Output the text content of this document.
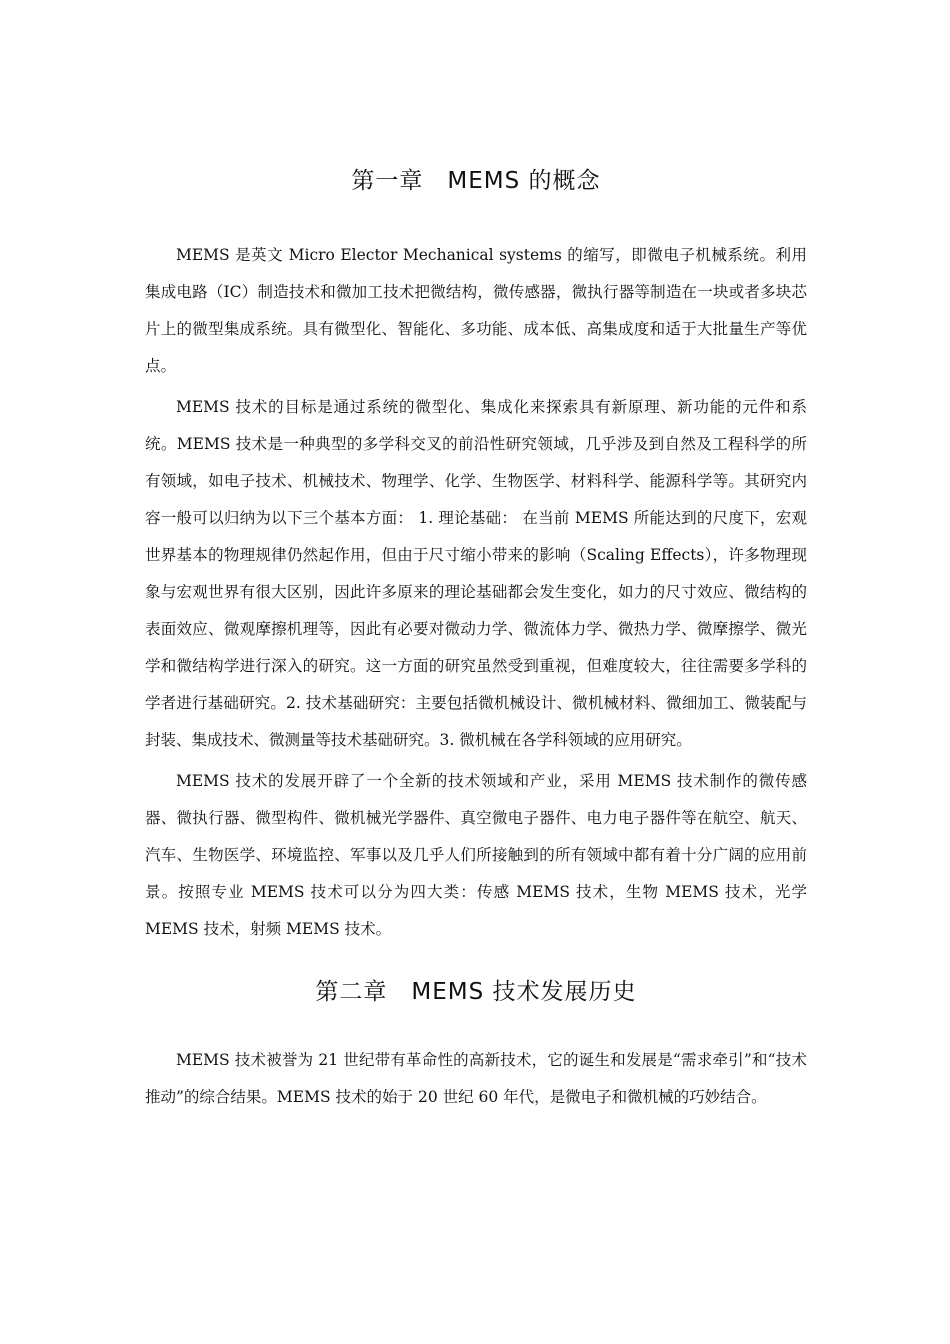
第一章　MEMS 的概念

MEMS 是英文 Micro Elector Mechanical systems 的缩写，即微电子机械系统。利用集成电路（IC）制造技术和微加工技术把微结构，微传感器，微执行器等制造在一块或者多块芯片上的微型集成系统。具有微型化、智能化、多功能、成本低、高集成度和适于大批量生产等优点。

MEMS 技术的目标是通过系统的微型化、集成化来探索具有新原理、新功能的元件和系统。MEMS 技术是一种典型的多学科交叉的前沿性研究领域，几乎涉及到自然及工程科学的所有领域，如电子技术、机械技术、物理学、化学、生物医学、材料科学、能源科学等。其研究内容一般可以归纳为以下三个基本方面： 1. 理论基础： 在当前 MEMS 所能达到的尺度下，宏观世界基本的物理规律仍然起作用，但由于尺寸缩小带来的影响（Scaling Effects），许多物理现象与宏观世界有很大区别，因此许多原来的理论基础都会发生变化，如力的尺寸效应、微结构的表面效应、微观摩擦机理等，因此有必要对微动力学、微流体力学、微热力学、微摩擦学、微光学和微结构学进行深入的研究。这一方面的研究虽然受到重视，但难度较大，往往需要多学科的学者进行基础研究。2. 技术基础研究：主要包括微机械设计、微机械材料、微细加工、微装配与封装、集成技术、微测量等技术基础研究。3. 微机械在各学科领域的应用研究。

MEMS 技术的发展开辟了一个全新的技术领域和产业，采用 MEMS 技术制作的微传感器、微执行器、微型构件、微机械光学器件、真空微电子器件、电力电子器件等在航空、航天、汽车、生物医学、环境监控、军事以及几乎人们所接触到的所有领域中都有着十分广阔的应用前景。按照专业 MEMS 技术可以分为四大类：传感 MEMS 技术，生物 MEMS 技术，光学 MEMS 技术，射频 MEMS 技术。

第二章　MEMS 技术发展历史

MEMS 技术被誉为 21 世纪带有革命性的高新技术，它的诞生和发展是“需求牵引”和“技术推动”的综合结果。MEMS 技术的始于 20 世纪 60 年代，是微电子和微机械的巧妙结合。
